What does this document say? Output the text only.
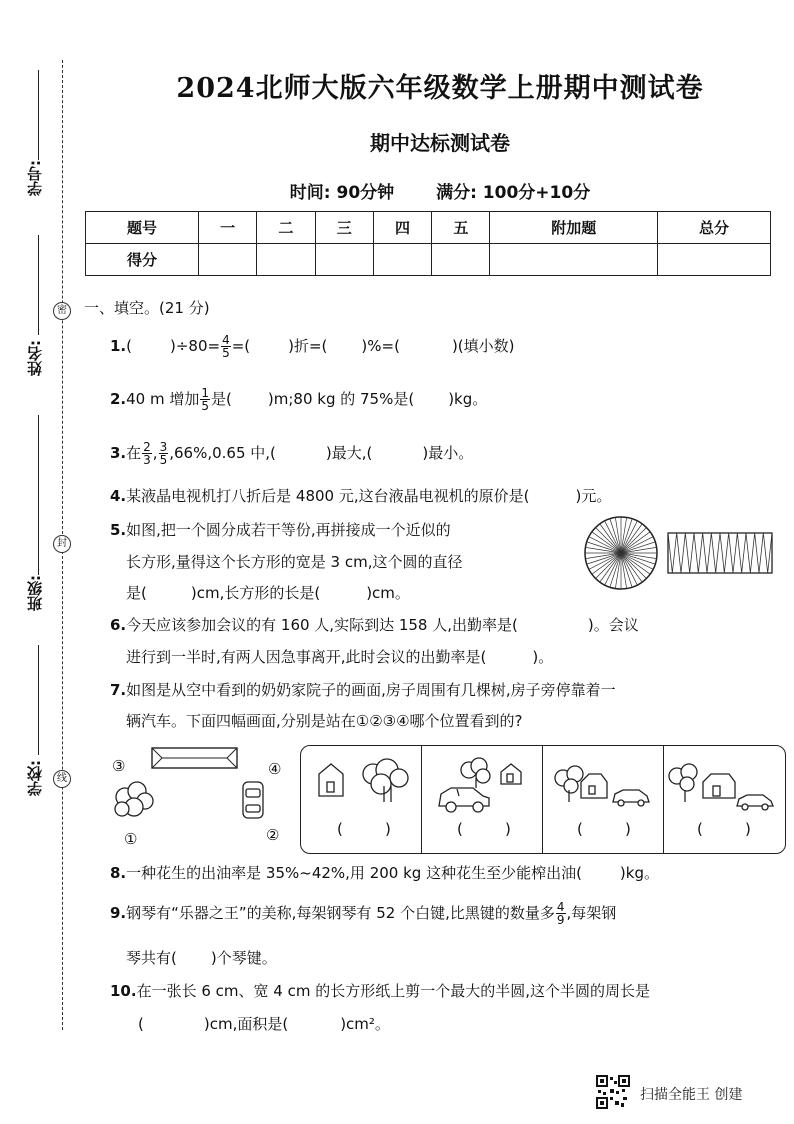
学号:
姓名:
班级:
学校:
密
封
线
2024北师大版六年级数学上册期中测试卷
期中达标测试卷
时间: 90分钟 满分: 100分+10分
题号	一	二	三	四	五	附加题	总分
得分							
一、填空。(21 分)
1.(	)$\div 80= \frac{4}{5}$ =(	)折=( )%=(	)(填小数)
2.40 m 增加 $\frac{1}{5}$ 是( )m;80 kg 的 75%是( )kg。
3.在 $\frac{2}{3}$ , $\frac{3}{5} ,66\%,0.65$ 中,(	)最大,(	)最小。
4.某液晶电视机打八折后是 4800 元,这台液晶电视机的原价是(	)元。
5.如图,把一个圆分成若干等份,再拼接成一个近似的
长方形,量得这个长方形的宽是 3 cm,这个圆的直径
是(	)cm,长方形的长是(	)cm。
6.今天应该参加会议的有 160 人,实际到达 158 人,出勤率是(	)。会议
进行到一半时,有两人因急事离开,此时会议的出勤率是(	)。
7.如图是从空中看到的奶奶家院子的画面,房子周围有几棵树,房子旁停靠着一
辆汽车。下面四幅画面,分别是站在①②③④哪个位置看到的?
③	④
①	②	(	)	(	)	(	)	(	)
8.一种花生的出油率是 35%~42%,用 200 kg 这种花生至少能榨出油(	)kg。
9.钢琴有“乐器之王”的美称,每架钢琴有 52 个白键,比黑键的数量多 $\frac{4}{9}$ ,每架钢
琴共有( )个琴键。
10.在一张长 6 cm、宽 4 cm 的长方形纸上剪一个最大的半圆,这个半圆的周长是
(	)cm,面积是(	)cm²。
扫描全能王 创建
